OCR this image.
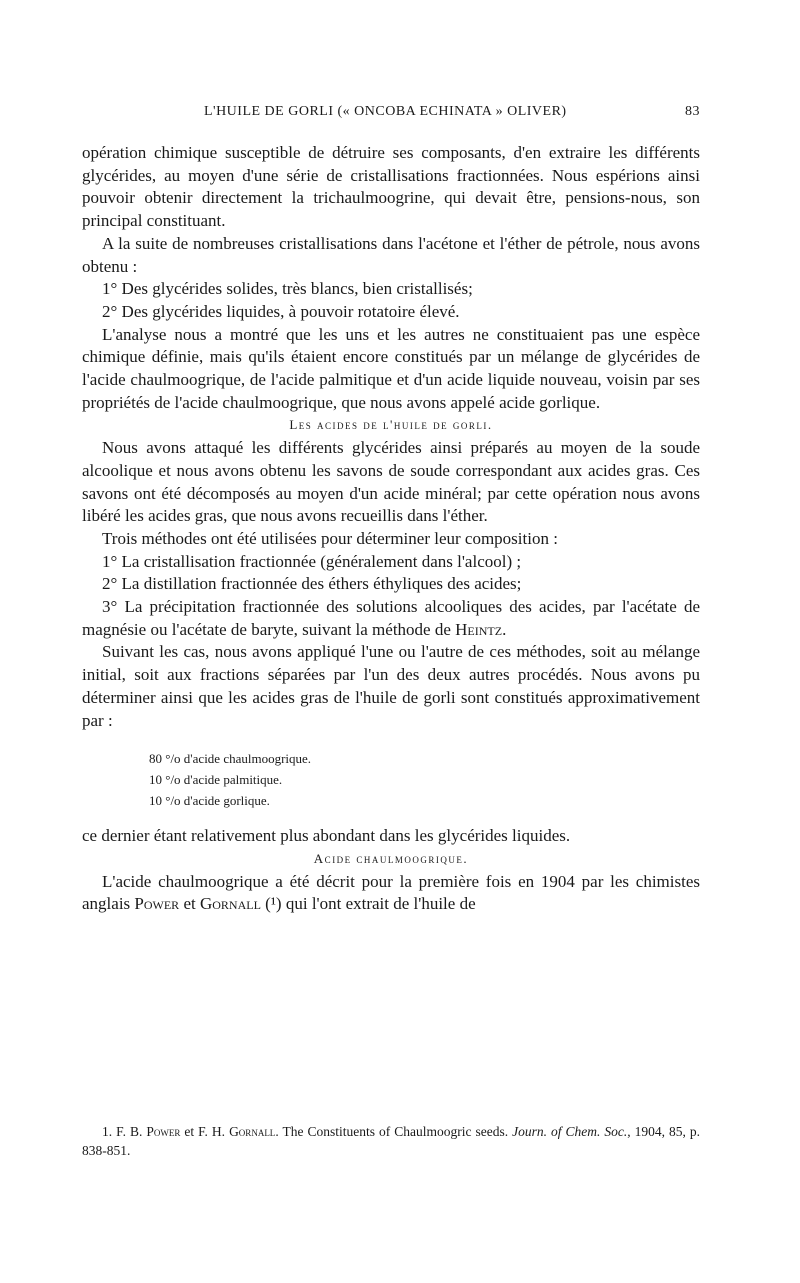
L'HUILE DE GORLI (« ONCOBA ECHINATA » OLIVER)	83

opération chimique susceptible de détruire ses composants, d'en extraire les différents glycérides, au moyen d'une série de cristallisations fractionnées. Nous espérions ainsi pouvoir obtenir directement la trichaulmoogrine, qui devait être, pensions-nous, son principal constituant.

A la suite de nombreuses cristallisations dans l'acétone et l'éther de pétrole, nous avons obtenu :

1° Des glycérides solides, très blancs, bien cristallisés;

2° Des glycérides liquides, à pouvoir rotatoire élevé.

L'analyse nous a montré que les uns et les autres ne constituaient pas une espèce chimique définie, mais qu'ils étaient encore constitués par un mélange de glycérides de l'acide chaulmoogrique, de l'acide palmitique et d'un acide liquide nouveau, voisin par ses propriétés de l'acide chaulmoogrique, que nous avons appelé acide gorlique.

Les acides de l'huile de gorli.

Nous avons attaqué les différents glycérides ainsi préparés au moyen de la soude alcoolique et nous avons obtenu les savons de soude correspondant aux acides gras. Ces savons ont été décomposés au moyen d'un acide minéral; par cette opération nous avons libéré les acides gras, que nous avons recueillis dans l'éther.

Trois méthodes ont été utilisées pour déterminer leur composition :

1° La cristallisation fractionnée (généralement dans l'alcool) ;

2° La distillation fractionnée des éthers éthyliques des acides;

3° La précipitation fractionnée des solutions alcooliques des acides, par l'acétate de magnésie ou l'acétate de baryte, suivant la méthode de Heintz.

Suivant les cas, nous avons appliqué l'une ou l'autre de ces méthodes, soit au mélange initial, soit aux fractions séparées par l'un des deux autres procédés. Nous avons pu déterminer ainsi que les acides gras de l'huile de gorli sont constitués approximativement par :

80 °/o d'acide chaulmoogrique.
10 °/o d'acide palmitique.
10 °/o d'acide gorlique.

ce dernier étant relativement plus abondant dans les glycérides liquides.

Acide chaulmoogrique.

L'acide chaulmoogrique a été décrit pour la première fois en 1904 par les chimistes anglais Power et Gornall (¹) qui l'ont extrait de l'huile de

1. F. B. Power et F. H. Gornall. The Constituents of Chaulmoogric seeds. Journ. of Chem. Soc., 1904, 85, p. 838-851.
